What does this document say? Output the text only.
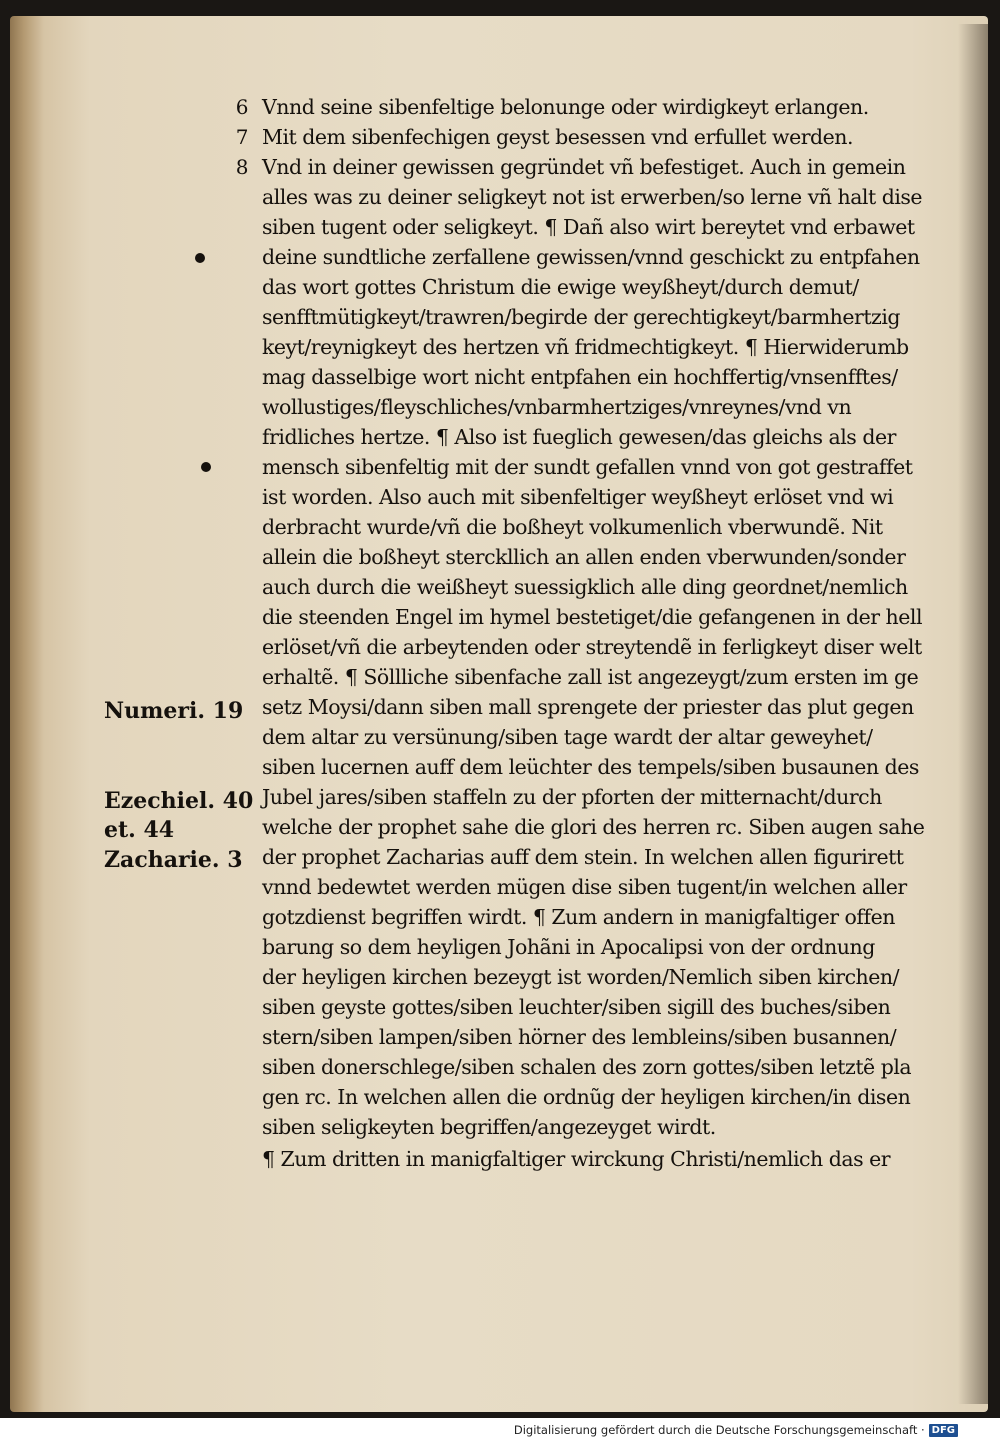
Numeri. 19
Ezechiel. 40
et. 44
Zacharie. 3
6 Vnnd seine sibenfeltige belonunge oder wirdigkeyt erlangen.
7 Mit dem sibenfechigen geyst besessen vnd erfullet werden.
8 Vnd in deiner gewissen gegründet vñ befestiget. Auch in gemein
alles was zu deiner seligkeyt not ist erwerben/so lerne vñ halt dise
siben tugent oder seligkeyt. ¶ Dañ also wirt bereytet vnd erbawet
deine sundtliche zerfallene gewissen/vnnd geschickt zu entpfahen
das wort gottes Christum die ewige weyßheyt/durch demut/
senfftmütigkeyt/trawren/begirde der gerechtigkeyt/barmhertzig
keyt/reynigkeyt des hertzen vñ fridmechtigkeyt. ¶ Hierwiderumb
mag dasselbige wort nicht entpfahen ein hochffertig/vnsenfftes/
wollustiges/fleyschliches/vnbarmhertziges/vnreynes/vnd vn
fridliches hertze. ¶ Also ist fueglich gewesen/das gleichs als der
mensch sibenfeltig mit der sundt gefallen vnnd von got gestraffet
ist worden. Also auch mit sibenfeltiger weyßheyt erlöset vnd wi
derbracht wurde/vñ die boßheyt volkumenlich vberwundẽ. Nit
allein die boßheyt sterckllich an allen enden vberwunden/sonder
auch durch die weißheyt suessigklich alle ding geordnet/nemlich
die steenden Engel im hymel bestetiget/die gefangenen in der hell
erlöset/vñ die arbeytenden oder streytendẽ in ferligkeyt diser welt
erhaltẽ. ¶ Söllliche sibenfache zall ist angezeygt/zum ersten im ge
setz Moysi/dann siben mall sprengete der priester das plut gegen
dem altar zu versünung/siben tage wardt der altar geweyhet/
siben lucernen auff dem leüchter des tempels/siben busaunen des
Jubel jares/siben staffeln zu der pforten der mitternacht/durch
welche der prophet sahe die glori des herren rc. Siben augen sahe
der prophet Zacharias auff dem stein. In welchen allen figurirett
vnnd bedewtet werden mügen dise siben tugent/in welchen aller
gotzdienst begriffen wirdt. ¶ Zum andern in manigfaltiger offen
barung so dem heyligen Johãni in Apocalipsi von der ordnung
der heyligen kirchen bezeygt ist worden/Nemlich siben kirchen/
siben geyste gottes/siben leuchter/siben sigill des buches/siben
stern/siben lampen/siben hörner des lembleins/siben busannen/
siben donerschlege/siben schalen des zorn gottes/siben letztẽ pla
gen rc. In welchen allen die ordnũg der heyligen kirchen/in disen
siben seligkeyten begriffen/angezeyget wirdt.
¶ Zum dritten in manigfaltiger wirckung Christi/nemlich das er
Digitalisierung gefördert durch die Deutsche Forschungsgemeinschaft · DFG
